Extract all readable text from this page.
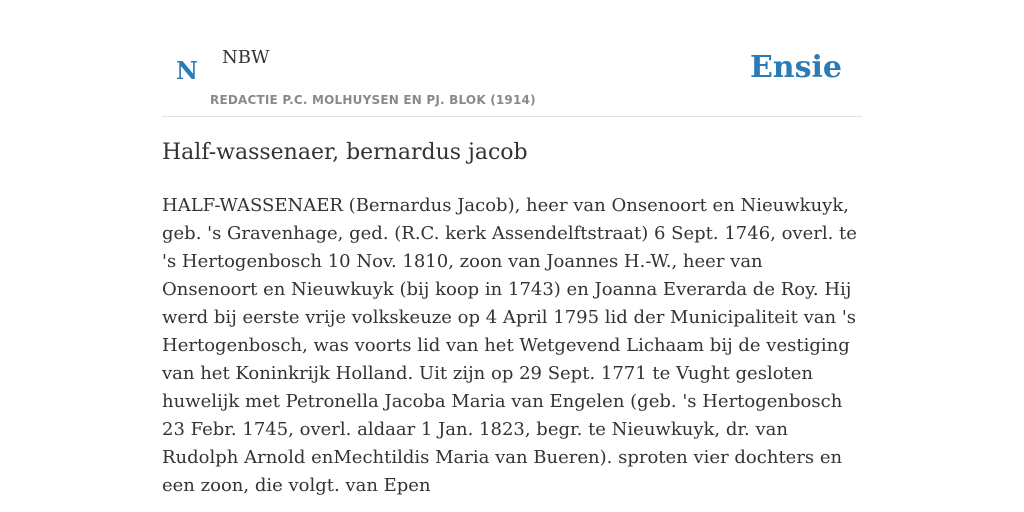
N NBW
REDACTIE P.C. MOLHUYSEN EN PJ. BLOK (1914)
Ensie
Half-wassenaer, bernardus jacob

HALF-WASSENAER (Bernardus Jacob), heer van Onsenoort en Nieuwkuyk, geb. 's Gravenhage, ged. (R.C. kerk Assendelftstraat) 6 Sept. 1746, overl. te 's Hertogenbosch 10 Nov. 1810, zoon van Joannes H.-W., heer van Onsenoort en Nieuwkuyk (bij koop in 1743) en Joanna Everarda de Roy. Hij werd bij eerste vrije volkskeuze op 4 April 1795 lid der Municipaliteit van 's Hertogenbosch, was voorts lid van het Wetgevend Lichaam bij de vestiging van het Koninkrijk Holland. Uit zijn op 29 Sept. 1771 te Vught gesloten huwelijk met Petronella Jacoba Maria van Engelen (geb. 's Hertogenbosch 23 Febr. 1745, overl. aldaar 1 Jan. 1823, begr. te Nieuwkuyk, dr. van Rudolph Arnold enMechtildis Maria van Bueren). sproten vier dochters en een zoon, die volgt. van Epen
